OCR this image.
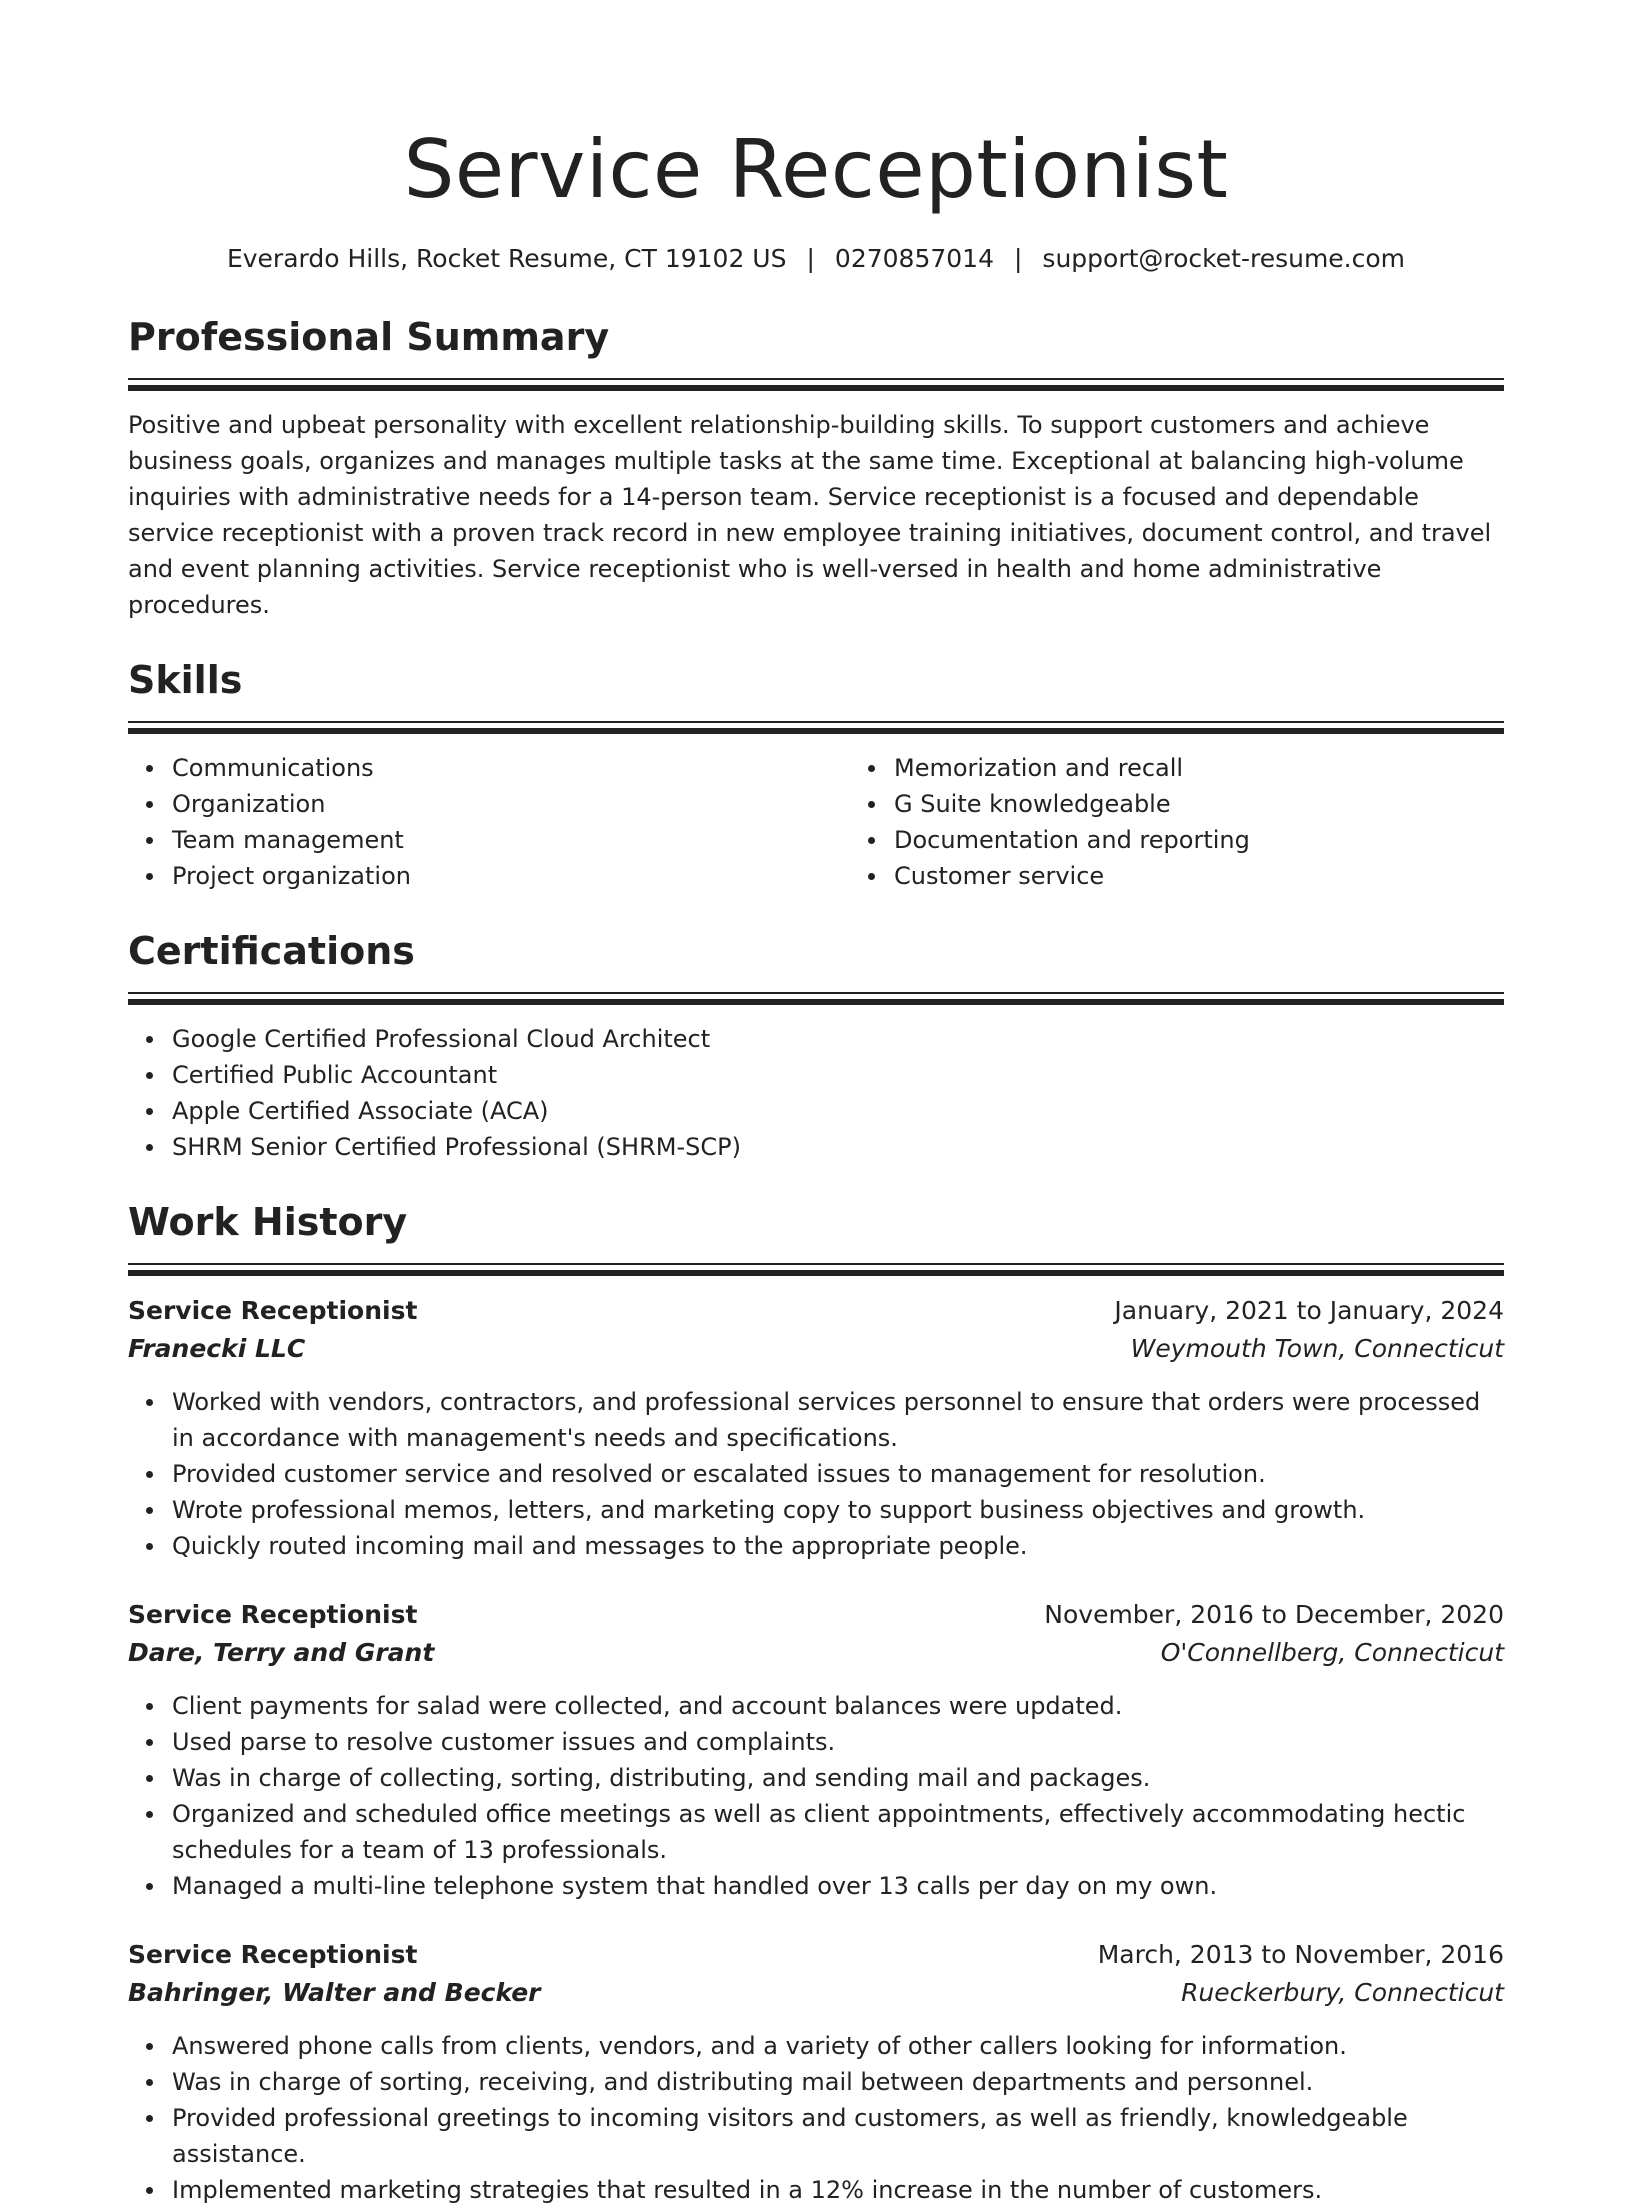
Service Receptionist
Everardo Hills, Rocket Resume, CT 19102 US | 0270857014 | support@rocket-resume.com
Professional Summary
Positive and upbeat personality with excellent relationship-building skills. To support customers and achieve business goals, organizes and manages multiple tasks at the same time. Exceptional at balancing high-volume inquiries with administrative needs for a 14-person team. Service receptionist is a focused and dependable service receptionist with a proven track record in new employee training initiatives, document control, and travel and event planning activities. Service receptionist who is well-versed in health and home administrative procedures.
Skills
Communications
Organization
Team management
Project organization
Memorization and recall
G Suite knowledgeable
Documentation and reporting
Customer service
Certifications
Google Certified Professional Cloud Architect
Certified Public Accountant
Apple Certified Associate (ACA)
SHRM Senior Certified Professional (SHRM-SCP)
Work History
Service Receptionist	January, 2021 to January, 2024
Franecki LLC	Weymouth Town, Connecticut
Worked with vendors, contractors, and professional services personnel to ensure that orders were processed in accordance with management's needs and specifications.
Provided customer service and resolved or escalated issues to management for resolution.
Wrote professional memos, letters, and marketing copy to support business objectives and growth.
Quickly routed incoming mail and messages to the appropriate people.
Service Receptionist	November, 2016 to December, 2020
Dare, Terry and Grant	O'Connellberg, Connecticut
Client payments for salad were collected, and account balances were updated.
Used parse to resolve customer issues and complaints.
Was in charge of collecting, sorting, distributing, and sending mail and packages.
Organized and scheduled office meetings as well as client appointments, effectively accommodating hectic schedules for a team of 13 professionals.
Managed a multi-line telephone system that handled over 13 calls per day on my own.
Service Receptionist	March, 2013 to November, 2016
Bahringer, Walter and Becker	Rueckerbury, Connecticut
Answered phone calls from clients, vendors, and a variety of other callers looking for information.
Was in charge of sorting, receiving, and distributing mail between departments and personnel.
Provided professional greetings to incoming visitors and customers, as well as friendly, knowledgeable assistance.
Implemented marketing strategies that resulted in a 12% increase in the number of customers.
